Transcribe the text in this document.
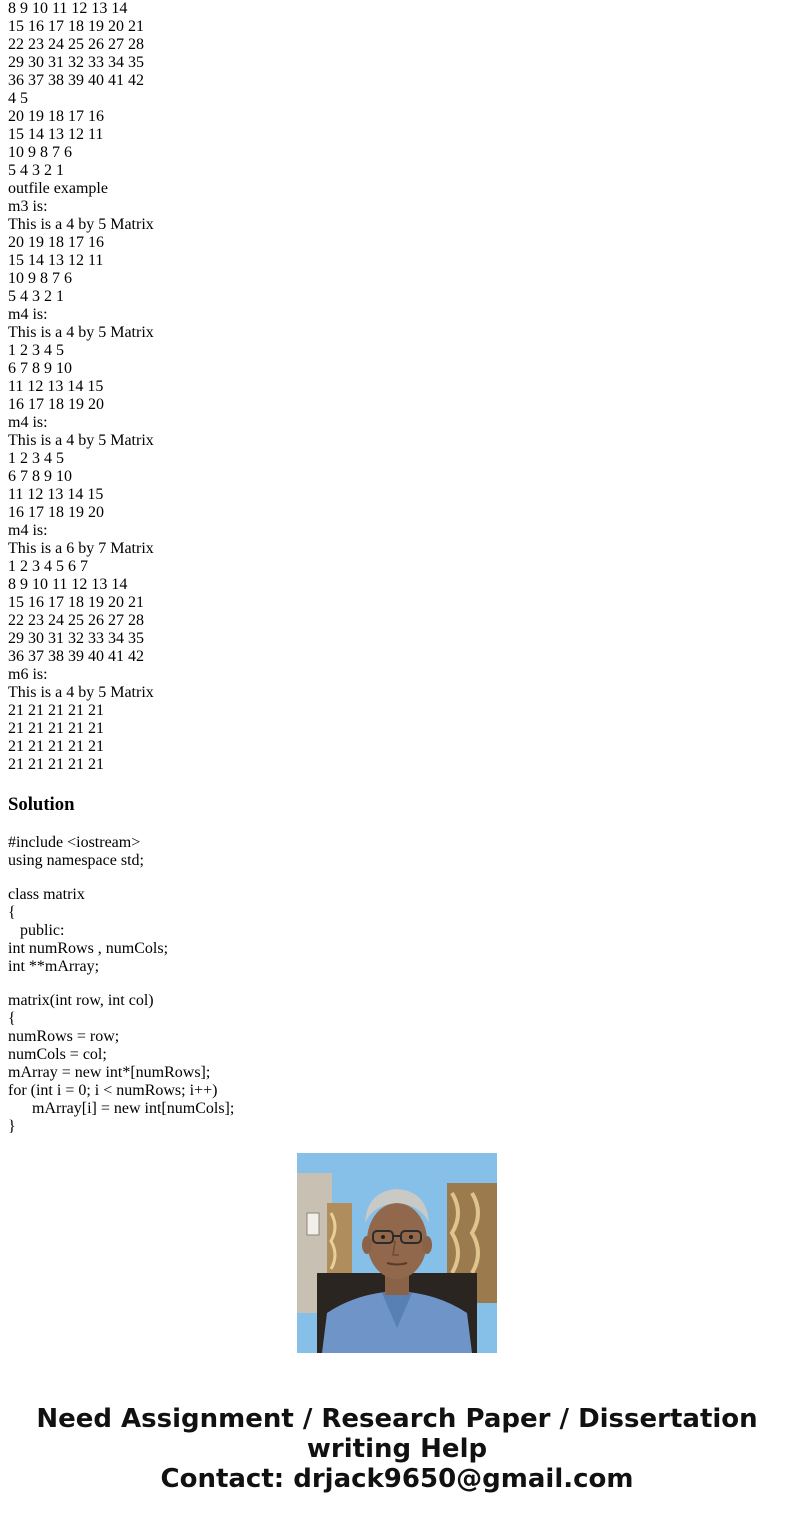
8 9 10 11 12 13 14
15 16 17 18 19 20 21
22 23 24 25 26 27 28
29 30 31 32 33 34 35
36 37 38 39 40 41 42
4 5
20 19 18 17 16
15 14 13 12 11
10 9 8 7 6
5 4 3 2 1
outfile example
m3 is:
This is a 4 by 5 Matrix
20 19 18 17 16
15 14 13 12 11
10 9 8 7 6
5 4 3 2 1
m4 is:
This is a 4 by 5 Matrix
1 2 3 4 5
6 7 8 9 10
11 12 13 14 15
16 17 18 19 20
m4 is:
This is a 4 by 5 Matrix
1 2 3 4 5
6 7 8 9 10
11 12 13 14 15
16 17 18 19 20
m4 is:
This is a 6 by 7 Matrix
1 2 3 4 5 6 7
8 9 10 11 12 13 14
15 16 17 18 19 20 21
22 23 24 25 26 27 28
29 30 31 32 33 34 35
36 37 38 39 40 41 42
m6 is:
This is a 4 by 5 Matrix
21 21 21 21 21
21 21 21 21 21
21 21 21 21 21
21 21 21 21 21
Solution
#include <iostream>
using namespace std;
class matrix
{
public:
int numRows , numCols;
int **mArray;
matrix(int row, int col)
{
numRows = row;
numCols = col;
mArray = new int*[numRows];
for (int i = 0; i < numRows; i++)
mArray[i] = new int[numCols];
}
Need Assignment / Research Paper / Dissertation
writing Help
Contact: drjack9650@gmail.com
